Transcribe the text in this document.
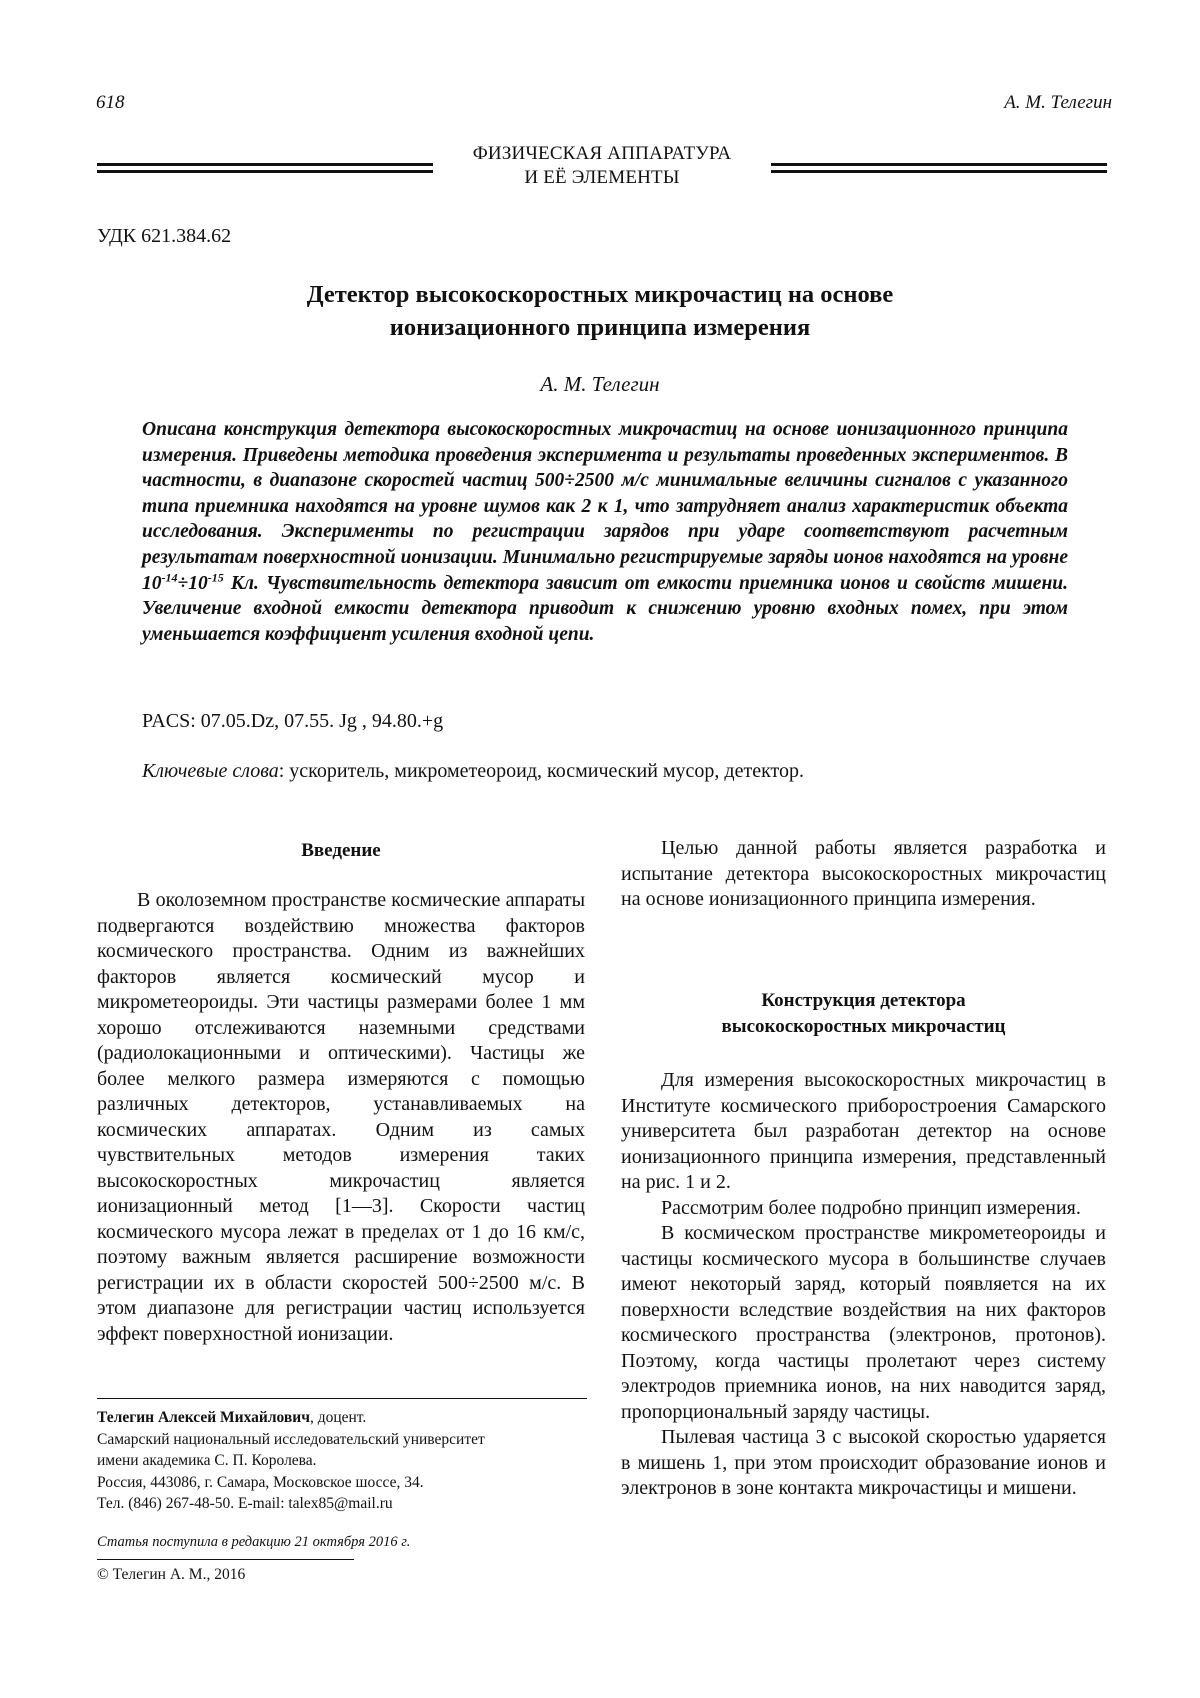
618	А. М. Телегин
ФИЗИЧЕСКАЯ АППАРАТУРА
И ЕЁ ЭЛЕМЕНТЫ
УДК 621.384.62
Детектор высокоскоростных микрочастиц на основе
ионизационного принципа измерения
А. М. Телегин
Описана конструкция детектора высокоскоростных микрочастиц на основе ионизационного принципа измерения. Приведены методика проведения эксперимента и результаты проведенных экспериментов. В частности, в диапазоне скоростей частиц 500÷2500 м/с минимальные величины сигналов с указанного типа приемника находятся на уровне шумов как 2 к 1, что затрудняет анализ характеристик объекта исследования. Эксперименты по регистрации зарядов при ударе соответствуют расчетным результатам поверхностной ионизации. Минимально регистрируемые заряды ионов находятся на уровне $10^{-14}\div 10^{-15}$ Кл. Чувствительность детектора зависит от емкости приемника ионов и свойств мишени. Увеличение входной емкости детектора приводит к снижению уровню входных помех, при этом уменьшается коэффициент усиления входной цепи.
PACS: 07.05.Dz, 07.55. Jg , 94.80.+g
Ключевые слова: ускоритель, микрометеороид, космический мусор, детектор.
Введение

В околоземном пространстве космические аппараты подвергаются воздействию множества факторов космического пространства. Одним из важнейших факторов является космический мусор и микрометеороиды. Эти частицы размерами более 1 мм хорошо отслеживаются наземными средствами (радиолокационными и оптическими). Частицы же более мелкого размера измеряются с помощью различных детекторов, устанавливаемых на космических аппаратах. Одним из самых чувствительных методов измерения таких высокоскоростных микрочастиц является ионизационный метод [1—3]. Скорости частиц космического мусора лежат в пределах от 1 до 16 км/с, поэтому важным является расширение возможности регистрации их в области скоростей 500÷2500 м/с. В этом диапазоне для регистрации частиц используется эффект поверхностной ионизации.

Целью данной работы является разработка и испытание детектора высокоскоростных микрочастиц на основе ионизационного принципа измерения.

Конструкция детектора
высокоскоростных микрочастиц

Для измерения высокоскоростных микрочастиц в Институте космического приборостроения Самарского университета был разработан детектор на основе ионизационного принципа измерения, представленный на рис. 1 и 2.

Рассмотрим более подробно принцип измерения.

В космическом пространстве микрометеороиды и частицы космического мусора в большинстве случаев имеют некоторый заряд, который появляется на их поверхности вследствие воздействия на них факторов космического пространства (электронов, протонов). Поэтому, когда частицы пролетают через систему электродов приемника ионов, на них наводится заряд, пропорциональный заряду частицы.

Пылевая частица 3 с высокой скоростью ударяется в мишень 1, при этом происходит образование ионов и электронов в зоне контакта микрочастицы и мишени.

Телегин Алексей Михайлович, доцент.
Самарский национальный исследовательский университет
имени академика С. П. Королева.
Россия, 443086, г. Самара, Московское шоссе, 34.
Тел. (846) 267-48-50. E-mail: talex85@mail.ru
Статья поступила в редакцию 21 октября 2016 г.
© Телегин А. М., 2016
